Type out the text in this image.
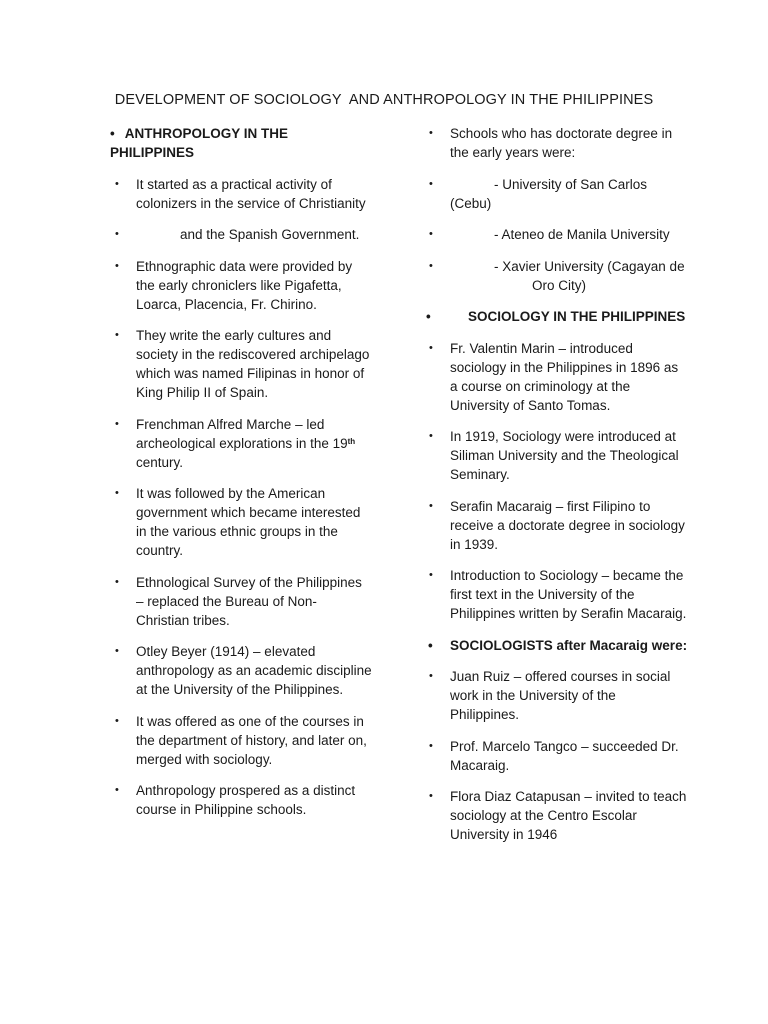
DEVELOPMENT OF SOCIOLOGY  AND ANTHROPOLOGY IN THE PHILIPPINES
• ANTHROPOLOGY IN THE
PHILIPPINES
• It started as a practical activity of colonizers in the service of Christianity
•	and the Spanish Government.
• Ethnographic data were provided by the early chroniclers like Pigafetta, Loarca, Placencia, Fr. Chirino.
• They write the early cultures and society in the rediscovered archipelago which was named Filipinas in honor of King Philip II of Spain.
• Frenchman Alfred Marche – led archeological explorations in the 19th century.
• It was followed by the American government which became interested in the various ethnic groups in the country.
• Ethnological Survey of the Philippines – replaced the Bureau of Non- Christian tribes.
• Otley Beyer (1914) – elevated anthropology as an academic discipline at the University of the Philippines.
• It was offered as one of the courses in the department of history, and later on, merged with sociology.
• Anthropology prospered as a distinct course in Philippine schools.
• Schools who has doctorate degree in the early years were:
•	- University of San Carlos (Cebu)
•	- Ateneo de Manila University
•	- Xavier University (Cagayan de
Oro City)
•	SOCIOLOGY IN THE PHILIPPINES
• Fr. Valentin Marin – introduced sociology in the Philippines in 1896 as a course on criminology at the University of Santo Tomas.
• In 1919, Sociology were introduced at Siliman University and the Theological Seminary.
• Serafin Macaraig – first Filipino to receive a doctorate degree in sociology in 1939.
• Introduction to Sociology – became the first text in the University of the Philippines written by Serafin Macaraig.
• SOCIOLOGISTS after Macaraig were:
• Juan Ruiz – offered courses in social work in the University of the Philippines.
• Prof. Marcelo Tangco – succeeded Dr. Macaraig.
• Flora Diaz Catapusan – invited to teach sociology at the Centro Escolar University in 1946
